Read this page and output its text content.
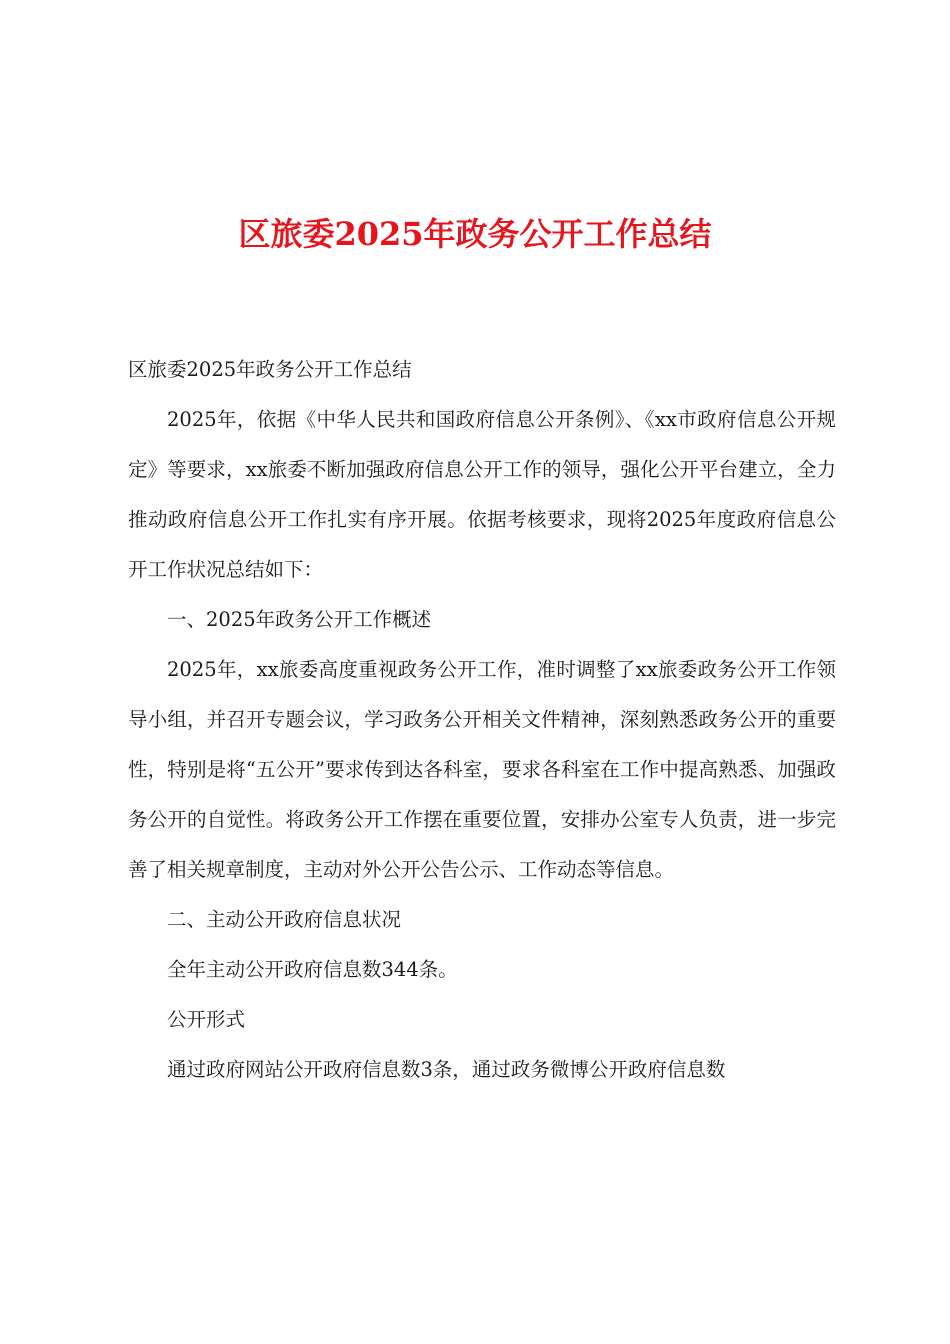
区旅委2025年政务公开工作总结

区旅委2025年政务公开工作总结

2025年，依据《中华人民共和国政府信息公开条例》、《xx市政府信息公开规定》等要求，xx旅委不断加强政府信息公开工作的领导，强化公开平台建立，全力推动政府信息公开工作扎实有序开展。依据考核要求，现将2025年度政府信息公开工作状况总结如下：

一、2025年政务公开工作概述

2025年，xx旅委高度重视政务公开工作，准时调整了xx旅委政务公开工作领导小组，并召开专题会议，学习政务公开相关文件精神，深刻熟悉政务公开的重要性，特别是将“五公开”要求传到达各科室，要求各科室在工作中提高熟悉、加强政务公开的自觉性。将政务公开工作摆在重要位置，安排办公室专人负责，进一步完善了相关规章制度，主动对外公开公告公示、工作动态等信息。

二、主动公开政府信息状况

全年主动公开政府信息数344条。

公开形式

通过政府网站公开政府信息数3条，通过政务微博公开政府信息数
